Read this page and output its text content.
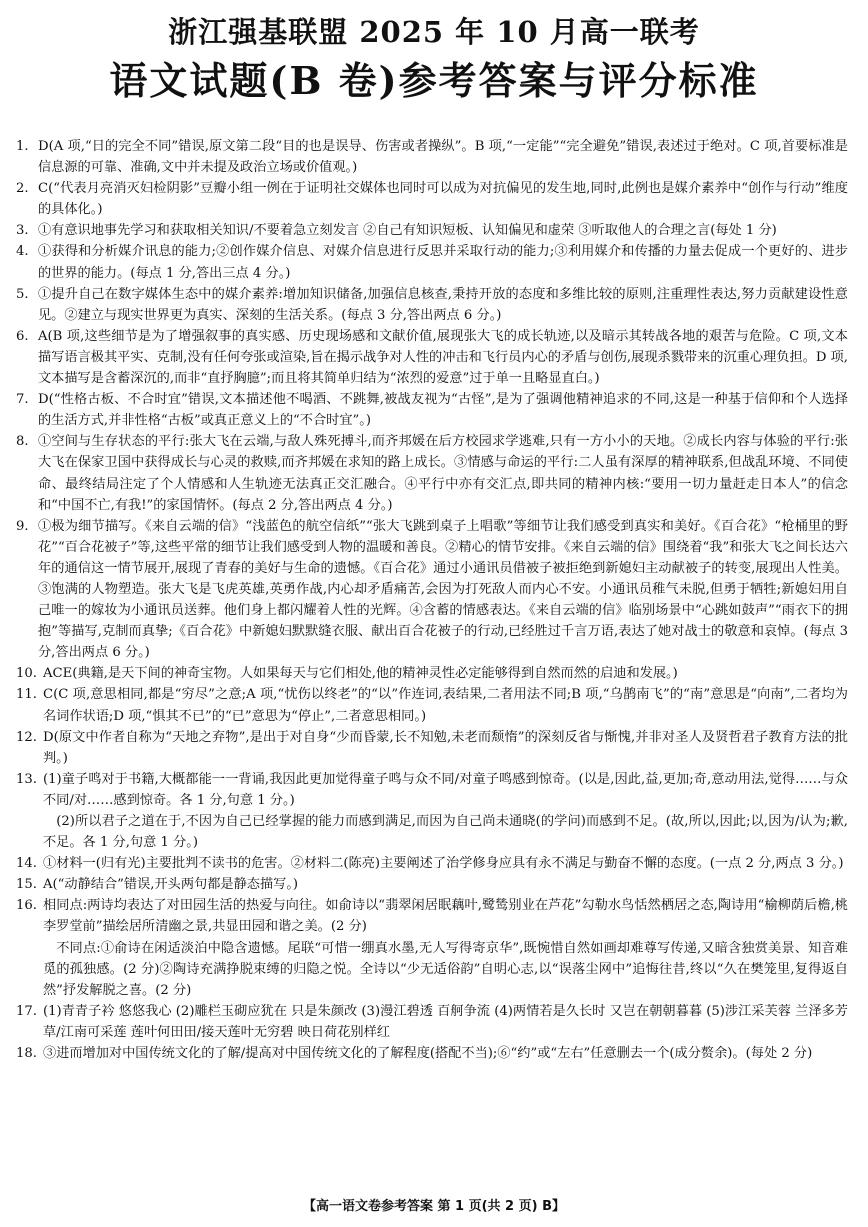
浙江强基联盟 2025 年 10 月高一联考
语文试题(B 卷)参考答案与评分标准
1. D(A 项,“日的完全不同”错误,原文第二段“目的也是误导、伤害或者操纵”。B 项,“一定能”“完全避免”错误,表述过于绝对。C 项,首要标准是信息源的可靠、准确,文中并未提及政治立场或价值观。)

2. C(“代表月亮消灭妇检阴影”豆瓣小组一例在于证明社交媒体也同时可以成为对抗偏见的发生地,同时,此例也是媒介素养中“创作与行动”维度的具体化。)

3. ①有意识地事先学习和获取相关知识/不要着急立刻发言 ②自己有知识短板、认知偏见和虚荣 ③听取他人的合理之言(每处 1 分)

4. ①获得和分析媒介讯息的能力;②创作媒介信息、对媒介信息进行反思并采取行动的能力;③利用媒介和传播的力量去促成一个更好的、进步的世界的能力。(每点 1 分,答出三点 4 分。)

5. ①提升自己在数字媒体生态中的媒介素养:增加知识储备,加强信息核查,秉持开放的态度和多维比较的原则,注重理性表达,努力贡献建设性意见。②建立与现实世界更为真实、深刻的生活关系。(每点 3 分,答出两点 6 分。)

6. A(B 项,这些细节是为了增强叙事的真实感、历史现场感和文献价值,展现张大飞的成长轨迹,以及暗示其转战各地的艰苦与危险。C 项,文本描写语言极其平实、克制,没有任何夸张或渲染,旨在揭示战争对人性的冲击和飞行员内心的矛盾与创伤,展现杀戮带来的沉重心理负担。D 项,文本描写是含蓄深沉的,而非“直抒胸臆”;而且将其简单归结为“浓烈的爱意”过于单一且略显直白。)

7. D(“性格古板、不合时宜”错误,文本描述他不喝酒、不跳舞,被战友视为“古怪”,是为了强调他精神追求的不同,这是一种基于信仰和个人选择的生活方式,并非性格“古板”或真正意义上的“不合时宜”。)

8. ①空间与生存状态的平行:张大飞在云端,与敌人殊死搏斗,而齐邦媛在后方校园求学逃难,只有一方小小的天地。②成长内容与体验的平行:张大飞在保家卫国中获得成长与心灵的救赎,而齐邦媛在求知的路上成长。③情感与命运的平行:二人虽有深厚的精神联系,但战乱环境、不同使命、最终结局注定了个人情感和人生轨迹无法真正交汇融合。④平行中亦有交汇点,即共同的精神内核:“要用一切力量赶走日本人”的信念和“中国不亡,有我!”的家国情怀。(每点 2 分,答出两点 4 分。)

9. ①极为细节描写。《来自云端的信》“浅蓝色的航空信纸”“张大飞跳到桌子上唱歌”等细节让我们感受到真实和美好。《百合花》“枪桶里的野花”“百合花被子”等,这些平常的细节让我们感受到人物的温暖和善良。②精心的情节安排。《来自云端的信》围绕着“我”和张大飞之间长达六年的通信这一情节展开,展现了青春的美好与生命的遗憾。《百合花》通过小通讯员借被子被拒绝到新媳妇主动献被子的转变,展现出人性美。③饱满的人物塑造。张大飞是飞虎英雄,英勇作战,内心却矛盾痛苦,会因为打死敌人而内心不安。小通讯员稚气未脱,但勇于牺牲;新媳妇用自己唯一的嫁妆为小通讯员送葬。他们身上都闪耀着人性的光辉。④含蓄的情感表达。《来自云端的信》临别场景中“心跳如鼓声”“雨衣下的拥抱”等描写,克制而真挚;《百合花》中新媳妇默默缝衣服、献出百合花被子的行动,已经胜过千言万语,表达了她对战士的敬意和哀悼。(每点 3 分,答出两点 6 分。)

10. ACE(典籍,是天下间的神奇宝物。人如果每天与它们相处,他的精神灵性必定能够得到自然而然的启迪和发展。)

11. C(C 项,意思相同,都是“穷尽”之意;A 项,“忧伤以终老”的“以”作连词,表结果,二者用法不同;B 项,“乌鹊南飞”的“南”意思是“向南”,二者均为名词作状语;D 项,“惧其不已”的“已”意思为“停止”,二者意思相同。)

12. D(原文中作者自称为“天地之弃物”,是出于对自身“少而昏蒙,长不知勉,未老而颓惰”的深刻反省与惭愧,并非对圣人及贤哲君子教育方法的批判。)

13. (1)童子鸣对于书籍,大概都能一一背诵,我因此更加觉得童子鸣与众不同/对童子鸣感到惊奇。(以是,因此,益,更加;奇,意动用法,觉得……与众不同/对……感到惊奇。各 1 分,句意 1 分。)

(2)所以君子之道在于,不因为自己已经掌握的能力而感到满足,而因为自己尚未通晓(的学问)而感到不足。(故,所以,因此;以,因为/认为;歉,不足。各 1 分,句意 1 分。)

14. ①材料一(归有光)主要批判不读书的危害。②材料二(陈亮)主要阐述了治学修身应具有永不满足与勤奋不懈的态度。(一点 2 分,两点 3 分。)

15. A(“动静结合”错误,开头两句都是静态描写。)

16. 相同点:两诗均表达了对田园生活的热爱与向往。如俞诗以“翡翠闲居眠藕叶,鹭鸶别业在芦花”勾勒水鸟恬然栖居之态,陶诗用“榆柳荫后檐,桃李罗堂前”描绘居所清幽之景,共显田园和谐之美。(2 分)

不同点:①俞诗在闲适淡泊中隐含遗憾。尾联“可惜一绷真水墨,无人写得寄京华”,既惋惜自然如画却难尊写传递,又暗含独赏美景、知音难觅的孤独感。(2 分)②陶诗充满挣脱束缚的归隐之悦。全诗以“少无适俗韵”自明心志,以“误落尘网中”追悔往昔,终以“久在樊笼里,复得返自然”抒发解脱之喜。(2 分)

17. (1)青青子衿 悠悠我心 (2)雕栏玉砌应犹在 只是朱颜改 (3)漫江碧透 百舸争流 (4)两情若是久长时 又岂在朝朝暮暮 (5)涉江采芙蓉 兰泽多芳草/江南可采莲 莲叶何田田/接天莲叶无穷碧 映日荷花别样红

18. ③进而增加对中国传统文化的了解/提高对中国传统文化的了解程度(搭配不当);⑥“约”或“左右”任意删去一个(成分赘余)。(每处 2 分)

【高一语文卷参考答案 第 1 页(共 2 页) B】
